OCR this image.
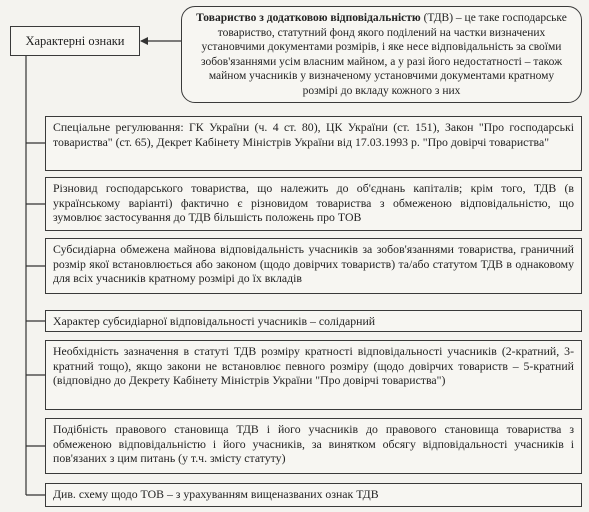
Характерні ознаки
Товариство з додатковою відповідальністю (ТДВ) – це таке господарське товариство, статутний фонд якого поділений на частки визначених установчими документами розмірів, і яке несе відповідальність за своїми зобов'язаннями усім власним майном, а у разі його недостатності – також майном учасників у визначеному установчими документами кратному розмірі до вкладу кожного з них
Спеціальне регулювання: ГК України (ч. 4 ст. 80), ЦК України (ст. 151), Закон "Про господарські товариства" (ст. 65), Декрет Кабінету Міністрів України від 17.03.1993 р. "Про довірчі товариства"
Різновид господарського товариства, що належить до об'єднань капіталів; крім того, ТДВ (в українському варіанті) фактично є різновидом товариства з обмеженою відповідальністю, що зумовлює застосування до ТДВ більшість положень про ТОВ
Субсидіарна обмежена майнова відповідальність учасників за зобов'язаннями товариства, граничний розмір якої встановлюється або законом (щодо довірчих товариств) та/або статутом ТДВ в однаковому для всіх учасників кратному розмірі до їх вкладів
Характер субсидіарної відповідальності учасників – солідарний
Необхідність зазначення в статуті ТДВ розміру кратності відповідальності учасників (2-кратний, 3-кратний тощо), якщо закони не встановлює певного розміру (щодо довірчих товариств – 5-кратний (відповідно до Декрету Кабінету Міністрів України "Про довірчі товариства")
Подібність правового становища ТДВ і його учасників до правового становища товариства з обмеженою відповідальністю і його учасників, за винятком обсягу відповідальності учасників і пов'язаних з цим питань (у т.ч. змісту статуту)
Див. схему щодо ТОВ – з урахуванням вищеназваних ознак ТДВ
